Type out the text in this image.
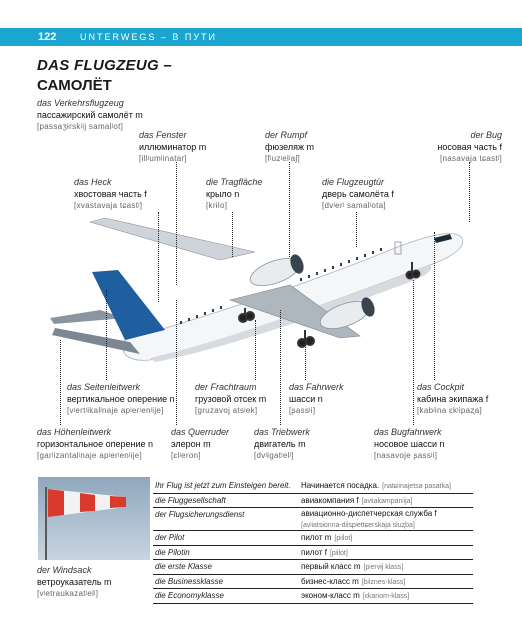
122	UNTERWEGS – В ПУТИ
DAS FLUGZEUG –
САМОЛЁТ
das Verkehrsflugzeug
пассажирский самолёт m
[passaʒɨrskʲij samalʲot]
das Fenster
иллюминатор m
[illʲumʲinatar]
der Rumpf
фюзеляж m
[fʲuzʲelʲaʃ]
der Bug
носовая часть f
[nasavaja tɕastʲ]
das Heck
хвостовая часть f
[xvastavaja tɕastʲ]
die Tragfläche
крыло n
[krɨlo]
die Flugzeugtür
дверь самолёта f
[dvʲerʲ samalʲota]
das Seitenleitwerk
вертикальное оперение n
[vʲertʲikalʲnaje apʲerʲenʲije]
der Frachtraum
грузовой отсек m
[gruzavoj atsʲek]
das Fahrwerk
шасси n
[ʂassʲi]
das Cockpit
кабина экипажа f
[kabʲina ɛkʲipaʐa]
das Höhenleitwerk
горизонтальное оперение n
[garʲizantalʲnaje apʲerʲenʲije]
das Querruder
элерон m
[ɛlʲeron]
das Triebwerk
двигатель m
[dvʲigatʲelʲ]
das Bugfahrwerk
носовое шасси n
[nasavoje ʂassʲi]
der Windsack
ветроуказатель m
[vʲetraukazatʲelʲ]
Ihr Flug ist jetzt zum Einsteigen bereit. Начинается посадка. [natɕʲinajetsa pasatka]
die Fluggesellschaft	авиакомпания f [avʲiakampanʲija]
der Flugsicherungsdienst	авиационно-диспетчерская служба f
[avʲiatsɨonna-dʲispʲettɕerskaja sluʐba]
der Pilot	пилот m [pʲilot]
die Pilotin	пилот f [pʲilot]
die erste Klasse	первый класс m [pʲervɨj klass]
die Businessklasse	бизнес-класс m [bʲiznes-klass]
die Economyklasse	эконом-класс m [ɛkanom-klass]
